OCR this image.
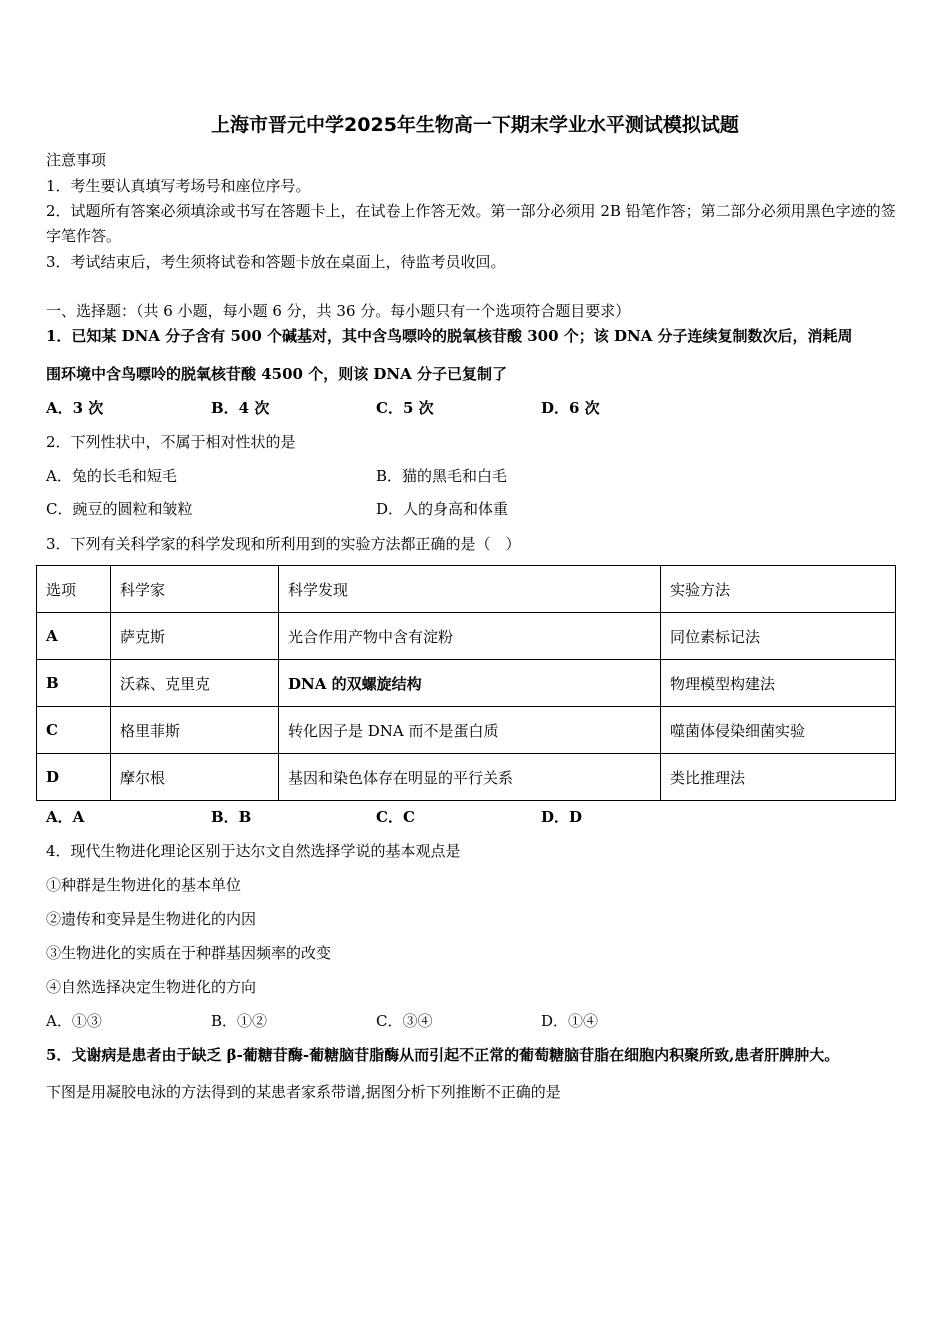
上海市晋元中学2025年生物高一下期末学业水平测试模拟试题
注意事项
1．考生要认真填写考场号和座位序号。
2．试题所有答案必须填涂或书写在答题卡上，在试卷上作答无效。第一部分必须用 2B 铅笔作答；第二部分必须用黑色字迹的签字笔作答。
3．考试结束后，考生须将试卷和答题卡放在桌面上，待监考员收回。
一、选择题：（共 6 小题，每小题 6 分，共 36 分。每小题只有一个选项符合题目要求）
1．已知某 DNA 分子含有 500 个碱基对，其中含鸟嘌呤的脱氧核苷酸 300 个；该 DNA 分子连续复制数次后，消耗周
围环境中含鸟嘌呤的脱氧核苷酸 4500 个，则该 DNA 分子已复制了
A．3 次	B．4 次	C．5 次	D．6 次
2．下列性状中，不属于相对性状的是
A．兔的长毛和短毛	B．猫的黑毛和白毛
C．豌豆的圆粒和皱粒	D．人的身高和体重
3．下列有关科学家的科学发现和所利用到的实验方法都正确的是（　）
选项	科学家	科学发现	实验方法
A	萨克斯	光合作用产物中含有淀粉	同位素标记法
B	沃森、克里克	DNA 的双螺旋结构	物理模型构建法
C	格里菲斯	转化因子是 DNA 而不是蛋白质	噬菌体侵染细菌实验
D	摩尔根	基因和染色体存在明显的平行关系	类比推理法
A．A	B．B	C．C	D．D
4．现代生物进化理论区别于达尔文自然选择学说的基本观点是
①种群是生物进化的基本单位
②遗传和变异是生物进化的内因
③生物进化的实质在于种群基因频率的改变
④自然选择决定生物进化的方向
A．①③	B．①②	C．③④	D．①④
5．戈谢病是患者由于缺乏 β-葡糖苷酶-葡糖脑苷脂酶从而引起不正常的葡萄糖脑苷脂在细胞内积聚所致,患者肝脾肿大。
下图是用凝胶电泳的方法得到的某患者家系带谱,据图分析下列推断不正确的是
